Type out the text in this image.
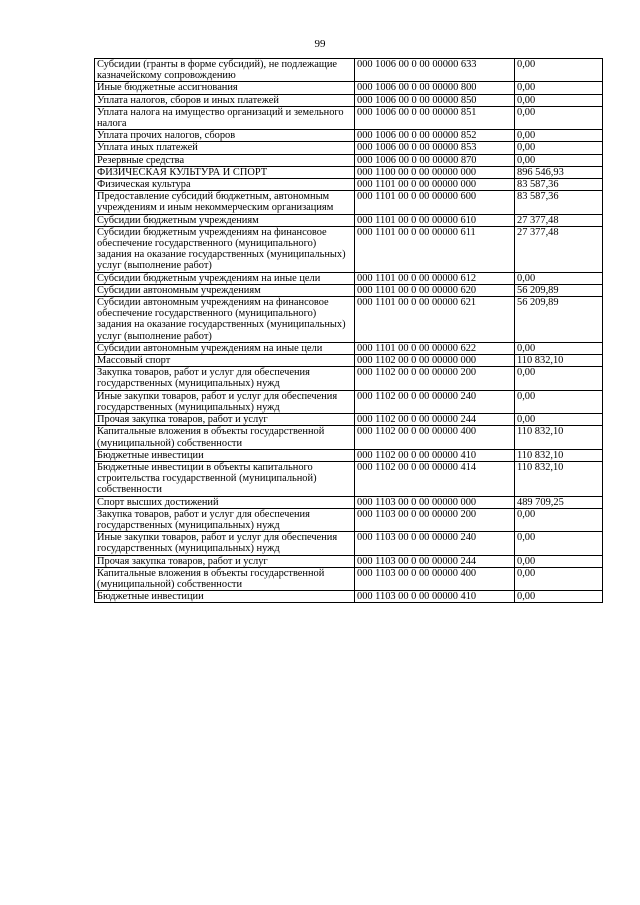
99
Субсидии (гранты в форме субсидий), не подлежащие казначейскому сопровождению	000 1006 00 0 00 00000 633	0,00
Иные бюджетные ассигнования	000 1006 00 0 00 00000 800	0,00
Уплата налогов, сборов и иных платежей	000 1006 00 0 00 00000 850	0,00
Уплата налога на имущество организаций и земельного налога	000 1006 00 0 00 00000 851	0,00
Уплата прочих налогов, сборов	000 1006 00 0 00 00000 852	0,00
Уплата иных платежей	000 1006 00 0 00 00000 853	0,00
Резервные средства	000 1006 00 0 00 00000 870	0,00
ФИЗИЧЕСКАЯ КУЛЬТУРА И СПОРТ	000 1100 00 0 00 00000 000	896 546,93
Физическая культура	000 1101 00 0 00 00000 000	83 587,36
Предоставление субсидий бюджетным, автономным учреждениям и иным некоммерческим организациям	000 1101 00 0 00 00000 600	83 587,36
Субсидии бюджетным учреждениям	000 1101 00 0 00 00000 610	27 377,48
Субсидии бюджетным учреждениям на финансовое обеспечение государственного (муниципального) задания на оказание государственных (муниципальных) услуг (выполнение работ)	000 1101 00 0 00 00000 611	27 377,48
Субсидии бюджетным учреждениям на иные цели	000 1101 00 0 00 00000 612	0,00
Субсидии автономным учреждениям	000 1101 00 0 00 00000 620	56 209,89
Субсидии автономным учреждениям на финансовое обеспечение государственного (муниципального) задания на оказание государственных (муниципальных) услуг (выполнение работ)	000 1101 00 0 00 00000 621	56 209,89
Субсидии автономным учреждениям на иные цели	000 1101 00 0 00 00000 622	0,00
Массовый спорт	000 1102 00 0 00 00000 000	110 832,10
Закупка товаров, работ и услуг для обеспечения государственных (муниципальных) нужд	000 1102 00 0 00 00000 200	0,00
Иные закупки товаров, работ и услуг для обеспечения государственных (муниципальных) нужд	000 1102 00 0 00 00000 240	0,00
Прочая закупка товаров, работ и услуг	000 1102 00 0 00 00000 244	0,00
Капитальные вложения в объекты государственной (муниципальной) собственности	000 1102 00 0 00 00000 400	110 832,10
Бюджетные инвестиции	000 1102 00 0 00 00000 410	110 832,10
Бюджетные инвестиции в объекты капитального строительства государственной (муниципальной) собственности	000 1102 00 0 00 00000 414	110 832,10
Спорт высших достижений	000 1103 00 0 00 00000 000	489 709,25
Закупка товаров, работ и услуг для обеспечения государственных (муниципальных) нужд	000 1103 00 0 00 00000 200	0,00
Иные закупки товаров, работ и услуг для обеспечения государственных (муниципальных) нужд	000 1103 00 0 00 00000 240	0,00
Прочая закупка товаров, работ и услуг	000 1103 00 0 00 00000 244	0,00
Капитальные вложения в объекты государственной (муниципальной) собственности	000 1103 00 0 00 00000 400	0,00
Бюджетные инвестиции	000 1103 00 0 00 00000 410	0,00
